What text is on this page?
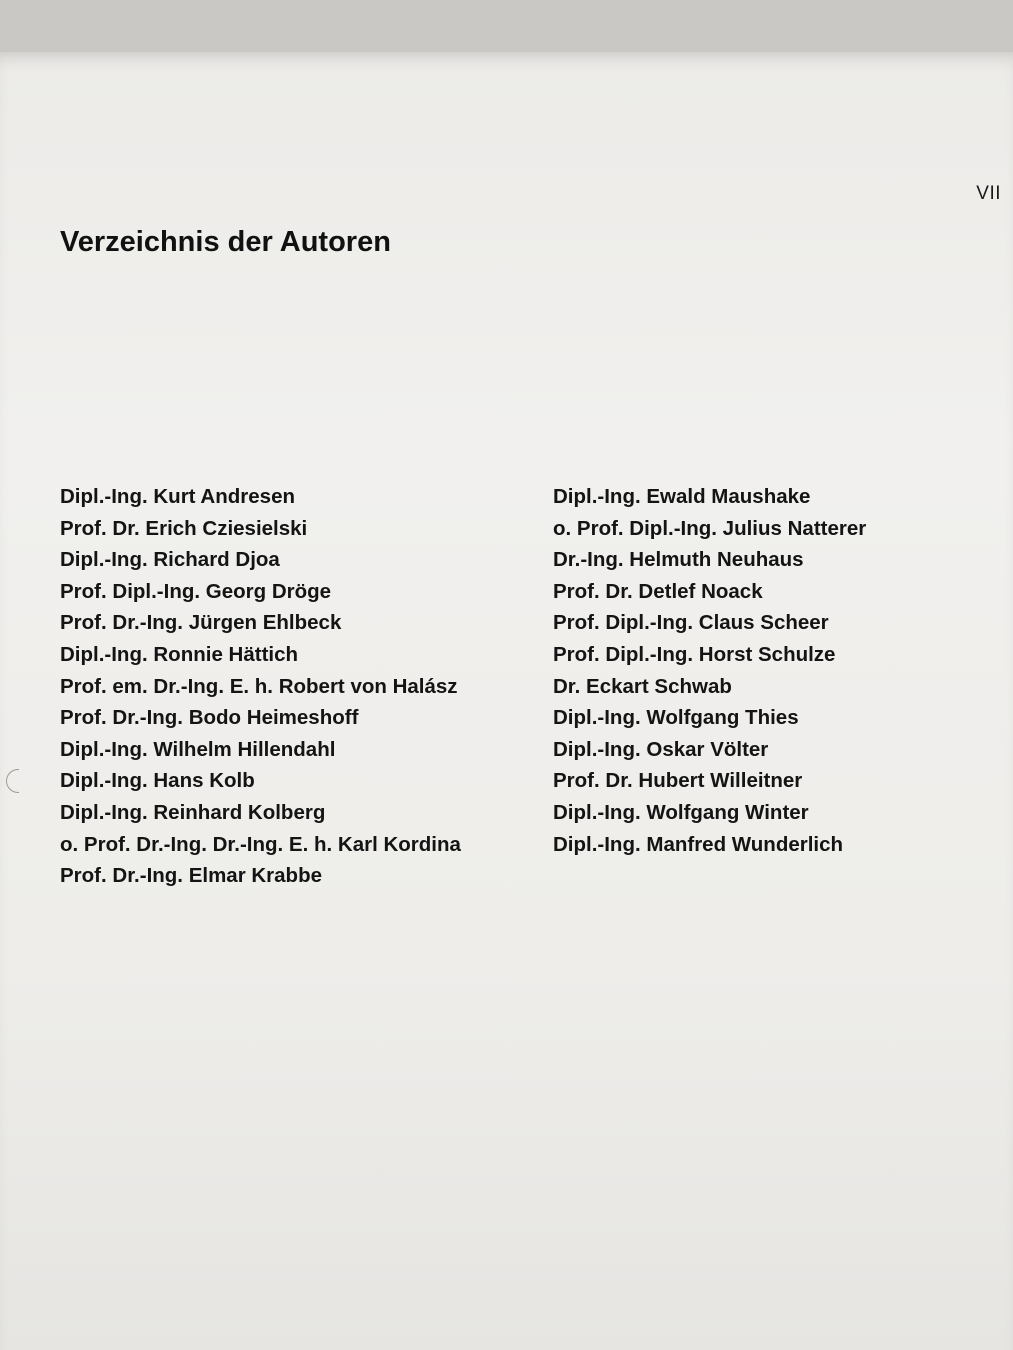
VII
Verzeichnis der Autoren
Dipl.-Ing. Kurt Andresen
Prof. Dr. Erich Cziesielski
Dipl.-Ing. Richard Djoa
Prof. Dipl.-Ing. Georg Dröge
Prof. Dr.-Ing. Jürgen Ehlbeck
Dipl.-Ing. Ronnie Hättich
Prof. em. Dr.-Ing. E. h. Robert von Halász
Prof. Dr.-Ing. Bodo Heimeshoff
Dipl.-Ing. Wilhelm Hillendahl
Dipl.-Ing. Hans Kolb
Dipl.-Ing. Reinhard Kolberg
o. Prof. Dr.-Ing. Dr.-Ing. E. h. Karl Kordina
Prof. Dr.-Ing. Elmar Krabbe
Dipl.-Ing. Ewald Maushake
o. Prof. Dipl.-Ing. Julius Natterer
Dr.-Ing. Helmuth Neuhaus
Prof. Dr. Detlef Noack
Prof. Dipl.-Ing. Claus Scheer
Prof. Dipl.-Ing. Horst Schulze
Dr. Eckart Schwab
Dipl.-Ing. Wolfgang Thies
Dipl.-Ing. Oskar Völter
Prof. Dr. Hubert Willeitner
Dipl.-Ing. Wolfgang Winter
Dipl.-Ing. Manfred Wunderlich
